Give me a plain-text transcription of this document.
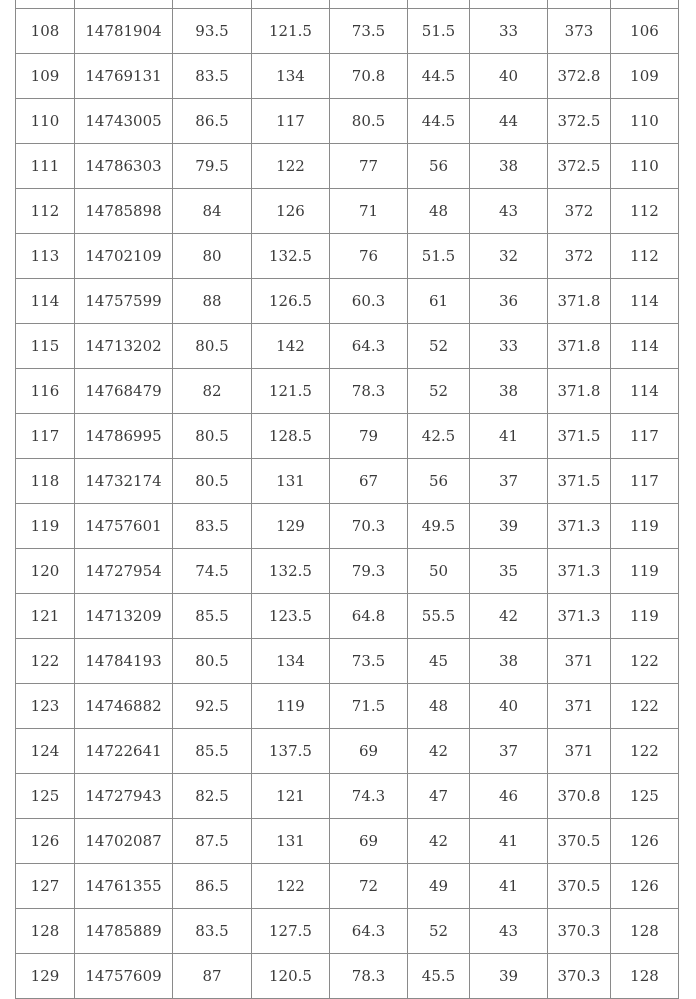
108	14781904	93.5	121.5	73.5	51.5	33	373	106
109	14769131	83.5	134	70.8	44.5	40	372.8	109
110	14743005	86.5	117	80.5	44.5	44	372.5	110
111	14786303	79.5	122	77	56	38	372.5	110
112	14785898	84	126	71	48	43	372	112
113	14702109	80	132.5	76	51.5	32	372	112
114	14757599	88	126.5	60.3	61	36	371.8	114
115	14713202	80.5	142	64.3	52	33	371.8	114
116	14768479	82	121.5	78.3	52	38	371.8	114
117	14786995	80.5	128.5	79	42.5	41	371.5	117
118	14732174	80.5	131	67	56	37	371.5	117
119	14757601	83.5	129	70.3	49.5	39	371.3	119
120	14727954	74.5	132.5	79.3	50	35	371.3	119
121	14713209	85.5	123.5	64.8	55.5	42	371.3	119
122	14784193	80.5	134	73.5	45	38	371	122
123	14746882	92.5	119	71.5	48	40	371	122
124	14722641	85.5	137.5	69	42	37	371	122
125	14727943	82.5	121	74.3	47	46	370.8	125
126	14702087	87.5	131	69	42	41	370.5	126
127	14761355	86.5	122	72	49	41	370.5	126
128	14785889	83.5	127.5	64.3	52	43	370.3	128
129	14757609	87	120.5	78.3	45.5	39	370.3	128
